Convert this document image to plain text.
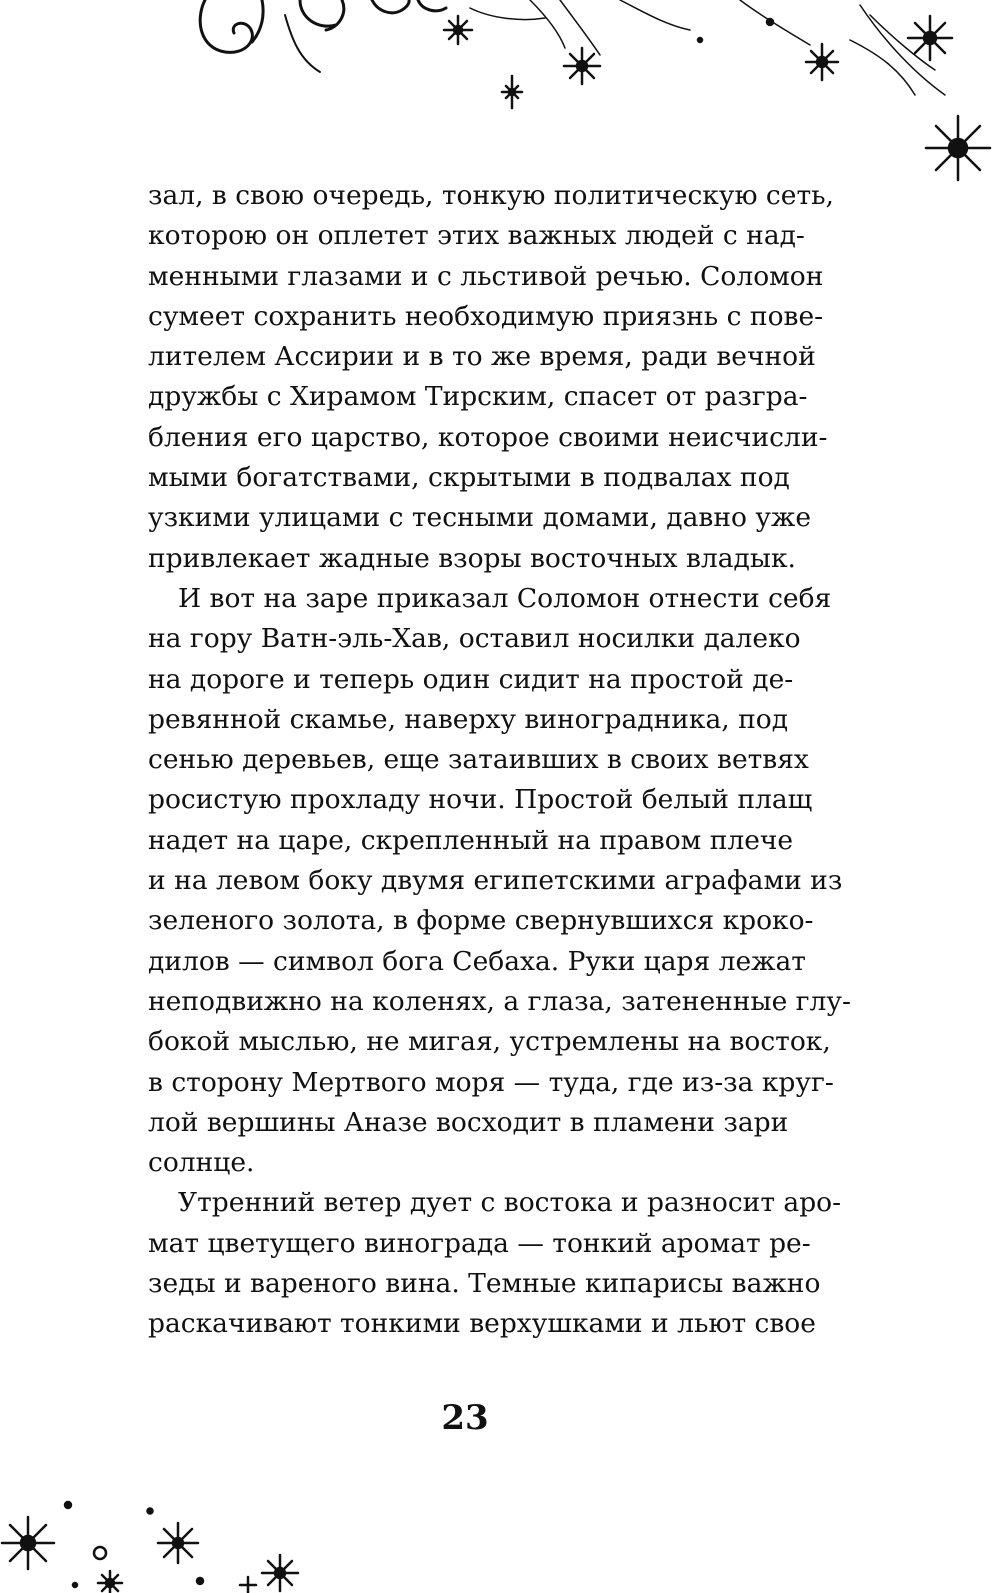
зал, в свою очередь, тонкую политическую сеть,
которою он оплетет этих важных людей с над-
менными глазами и с льстивой речью. Соломон
сумеет сохранить необходимую приязнь с пове-
лителем Ассирии и в то же время, ради вечной
дружбы с Хирамом Тирским, спасет от разгра-
бления его царство, которое своими неисчисли-
мыми богатствами, скрытыми в подвалах под
узкими улицами с тесными домами, давно уже
привлекает жадные взоры восточных владык.

И вот на заре приказал Соломон отнести себя
на гору Ватн-эль-Хав, оставил носилки далеко
на дороге и теперь один сидит на простой де-
ревянной скамье, наверху виноградника, под
сенью деревьев, еще затаивших в своих ветвях
росистую прохладу ночи. Простой белый плащ
надет на царе, скрепленный на правом плече
и на левом боку двумя египетскими аграфами из
зеленого золота, в форме свернувшихся кроко-
дилов — символ бога Себаха. Руки царя лежат
неподвижно на коленях, а глаза, затененные глу-
бокой мыслью, не мигая, устремлены на восток,
в сторону Мертвого моря — туда, где из-за круг-
лой вершины Аназе восходит в пламени зари
солнце.

Утренний ветер дует с востока и разносит аро-
мат цветущего винограда — тонкий аромат ре-
зеды и вареного вина. Темные кипарисы важно
раскачивают тонкими верхушками и льют свое

23
